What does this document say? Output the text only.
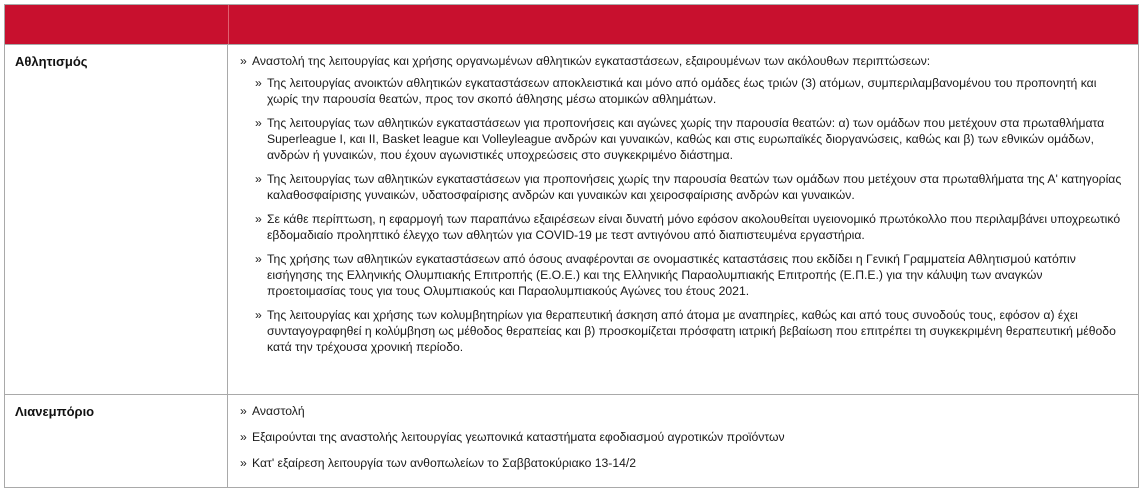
Αθλητισμός	» Αναστολή της λειτουργίας και χρήσης οργανωμένων αθλητικών εγκαταστάσεων, εξαιρουμένων των ακόλουθων περιπτώσεων:
» Της λειτουργίας ανοικτών αθλητικών εγκαταστάσεων αποκλειστικά και μόνο από ομάδες έως τριών (3) ατόμων, συμπεριλαμβανομένου του προπονητή και χωρίς την παρουσία θεατών, προς τον σκοπό άθλησης μέσω ατομικών αθλημάτων.
» Της λειτουργίας των αθλητικών εγκαταστάσεων για προπονήσεις και αγώνες χωρίς την παρουσία θεατών: α) των ομάδων που μετέχουν στα πρωταθλήματα Superleague I, και II, Basket league και Volleyleague ανδρών και γυναικών, καθώς και στις ευρωπαϊκές διοργανώσεις, καθώς και β) των εθνικών ομάδων, ανδρών ή γυναικών, που έχουν αγωνιστικές υποχρεώσεις στο συγκεκριμένο διάστημα.
» Της λειτουργίας των αθλητικών εγκαταστάσεων για προπονήσεις χωρίς την παρουσία θεατών των ομάδων που μετέχουν στα πρωταθλήματα της Α' κατηγορίας καλαθοσφαίρισης γυναικών, υδατοσφαίρισης ανδρών και γυναικών και χειροσφαίρισης ανδρών και γυναικών.
» Σε κάθε περίπτωση, η εφαρμογή των παραπάνω εξαιρέσεων είναι δυνατή μόνο εφόσον ακολουθείται υγειονομικό πρωτόκολλο που περιλαμβάνει υποχρεωτικό εβδομαδιαίο προληπτικό έλεγχο των αθλητών για COVID-19 με τεστ αντιγόνου από διαπιστευμένα εργαστήρια.
» Της χρήσης των αθλητικών εγκαταστάσεων από όσους αναφέρονται σε ονομαστικές καταστάσεις που εκδίδει η Γενική Γραμματεία Αθλητισμού κατόπιν εισήγησης της Ελληνικής Ολυμπιακής Επιτροπής (Ε.Ο.Ε.) και της Ελληνικής Παραολυμπιακής Επιτροπής (Ε.Π.Ε.) για την κάλυψη των αναγκών προετοιμασίας τους για τους Ολυμπιακούς και Παραολυμπιακούς Αγώνες του έτους 2021.
» Της λειτουργίας και χρήσης των κολυμβητηρίων για θεραπευτική άσκηση από άτομα με αναπηρίες, καθώς και από τους συνοδούς τους, εφόσον α) έχει συνταγογραφηθεί η κολύμβηση ως μέθοδος θεραπείας και β) προσκομίζεται πρόσφατη ιατρική βεβαίωση που επιτρέπει τη συγκεκριμένη θεραπευτική μέθοδο κατά την τρέχουσα χρονική περίοδο.
Λιανεμπόριο	» Αναστολή
» Εξαιρούνται της αναστολής λειτουργίας γεωπονικά καταστήματα εφοδιασμού αγροτικών προϊόντων
» Κατ' εξαίρεση λειτουργία των ανθοπωλείων το Σαββατοκύριακο 13-14/2
